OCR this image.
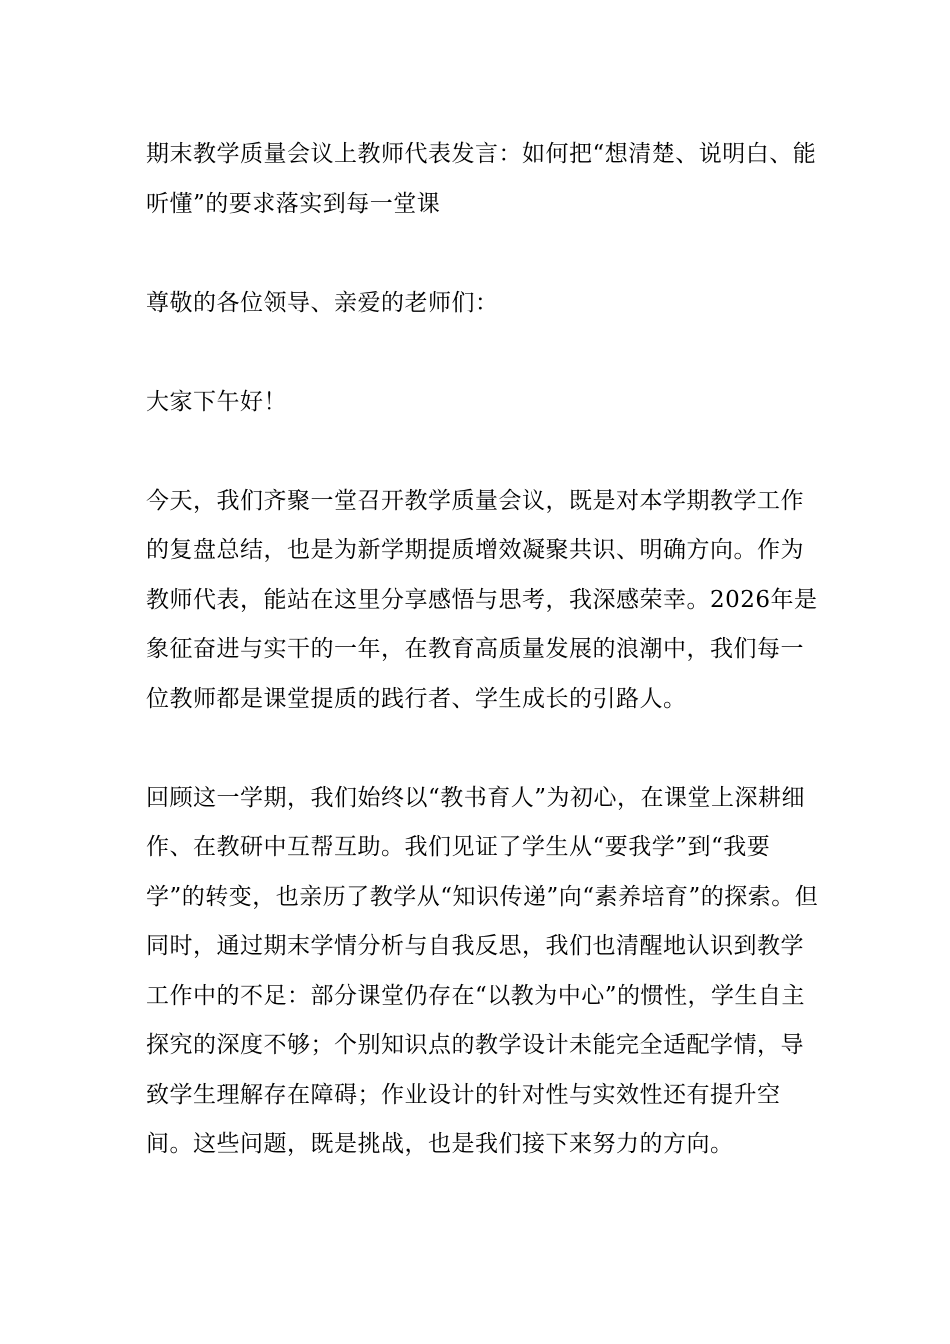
期末教学质量会议上教师代表发言：如何把“想清楚、说明白、能听懂”的要求落实到每一堂课

尊敬的各位领导、亲爱的老师们：

大家下午好！

今天，我们齐聚一堂召开教学质量会议，既是对本学期教学工作的复盘总结，也是为新学期提质增效凝聚共识、明确方向。作为教师代表，能站在这里分享感悟与思考，我深感荣幸。2026年是象征奋进与实干的一年，在教育高质量发展的浪潮中，我们每一位教师都是课堂提质的践行者、学生成长的引路人。

回顾这一学期，我们始终以“教书育人”为初心，在课堂上深耕细作、在教研中互帮互助。我们见证了学生从“要我学”到“我要学”的转变，也亲历了教学从“知识传递”向“素养培育”的探索。但同时，通过期末学情分析与自我反思，我们也清醒地认识到教学工作中的不足：部分课堂仍存在“以教为中心”的惯性，学生自主探究的深度不够；个别知识点的教学设计未能完全适配学情，导致学生理解存在障碍；作业设计的针对性与实效性还有提升空间。这些问题，既是挑战，也是我们接下来努力的方向。
